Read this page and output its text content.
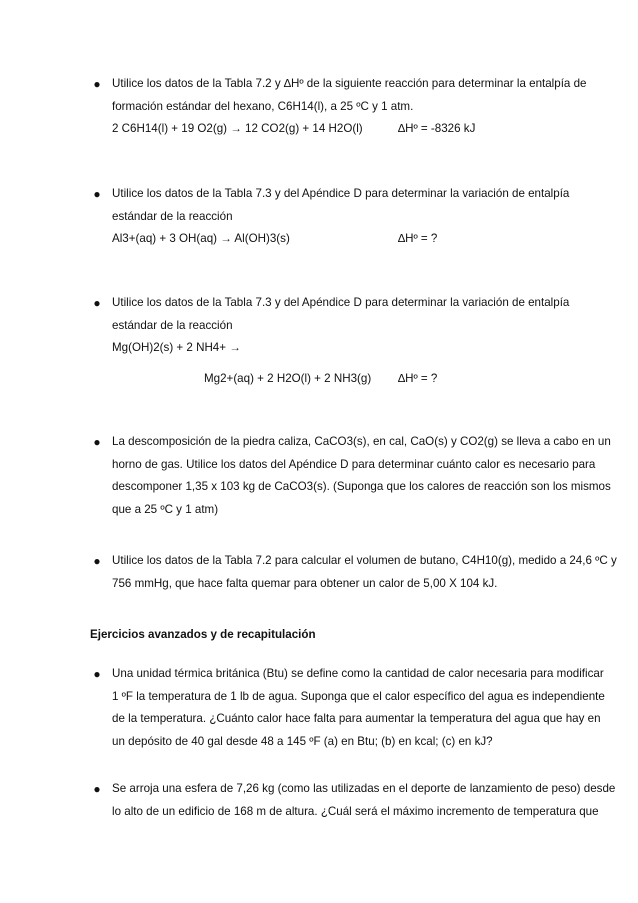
● Utilice los datos de la Tabla 7.2 y ∆Hº de la siguiente reacción para determinar la entalpía de
formación estándar del hexano, C6H14(l), a 25 ºC y 1 atm.
2 C6H14(l) + 19 O2(g) → 12 CO2(g) + 14 H2O(l)	∆Hº = -8326 kJ
● Utilice los datos de la Tabla 7.3 y del Apéndice D para determinar la variación de entalpía
estándar de la reacción
Al3+(aq) + 3 OH(aq) → Al(OH)3(s)	∆Hº = ?
● Utilice los datos de la Tabla 7.3 y del Apéndice D para determinar la variación de entalpía
estándar de la reacción
Mg(OH)2(s) + 2 NH4+ →
Mg2+(aq) + 2 H2O(l) + 2 NH3(g) ∆Hº = ?
● La descomposición de la piedra caliza, CaCO3(s), en cal, CaO(s) y CO2(g) se lleva a cabo en un
horno de gas. Utilice los datos del Apéndice D para determinar cuánto calor es necesario para
descomponer 1,35 x 103 kg de CaCO3(s). (Suponga que los calores de reacción son los mismos
que a 25 ºC y 1 atm)
● Utilice los datos de la Tabla 7.2 para calcular el volumen de butano, C4H10(g), medido a 24,6 ºC y
756 mmHg, que hace falta quemar para obtener un calor de 5,00 X 104 kJ.
Ejercicios avanzados y de recapitulación
● Una unidad térmica británica (Btu) se define como la cantidad de calor necesaria para modificar
1 ºF la temperatura de 1 lb de agua. Suponga que el calor específico del agua es independiente
de la temperatura. ¿Cuánto calor hace falta para aumentar la temperatura del agua que hay en
un depósito de 40 gal desde 48 a 145 ºF (a) en Btu; (b) en kcal; (c) en kJ?
● Se arroja una esfera de 7,26 kg (como las utilizadas en el deporte de lanzamiento de peso) desde
lo alto de un edificio de 168 m de altura. ¿Cuál será el máximo incremento de temperatura que
